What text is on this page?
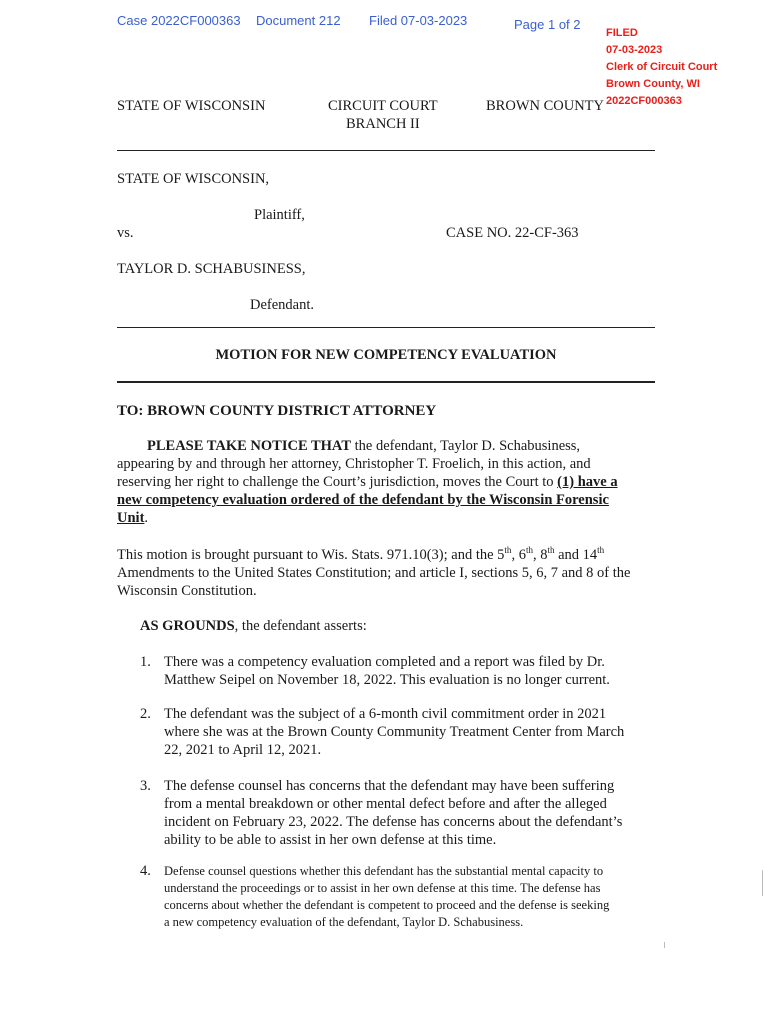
Case 2022CF000363 Document 212 Filed 07-03-2023	Page 1 of 2
FILED
07-03-2023
Clerk of Circuit Court
Brown County, WI
2022CF000363
STATE OF WISCONSIN	CIRCUIT COURT
BRANCH II
BROWN COUNTY
STATE OF WISCONSIN,
Plaintiff,
vs.	CASE NO. 22-CF-363
TAYLOR D. SCHABUSINESS,
Defendant.
MOTION FOR NEW COMPETENCY EVALUATION
TO: BROWN COUNTY DISTRICT ATTORNEY
PLEASE TAKE NOTICE THAT the defendant, Taylor D. Schabusiness,
appearing by and through her attorney, Christopher T. Froelich, in this action, and
reserving her right to challenge the Court’s jurisdiction, moves the Court to (1) have a
new competency evaluation ordered of the defendant by the Wisconsin Forensic
Unit.
This motion is brought pursuant to Wis. Stats. 971.10(3); and the 5th, 6th, 8th and 14th
Amendments to the United States Constitution; and article I, sections 5, 6, 7 and 8 of the
Wisconsin Constitution.
AS GROUNDS, the defendant asserts:
1. There was a competency evaluation completed and a report was filed by Dr.
Matthew Seipel on November 18, 2022. This evaluation is no longer current.
2. The defendant was the subject of a 6-month civil commitment order in 2021
where she was at the Brown County Community Treatment Center from March
22, 2021 to April 12, 2021.
3. The defense counsel has concerns that the defendant may have been suffering
from a mental breakdown or other mental defect before and after the alleged
incident on February 23, 2022. The defense has concerns about the defendant’s
ability to be able to assist in her own defense at this time.
4. Defense counsel questions whether this defendant has the substantial mental capacity to
understand the proceedings or to assist in her own defense at this time. The defense has
concerns about whether the defendant is competent to proceed and the defense is seeking
a new competency evaluation of the defendant, Taylor D. Schabusiness.
